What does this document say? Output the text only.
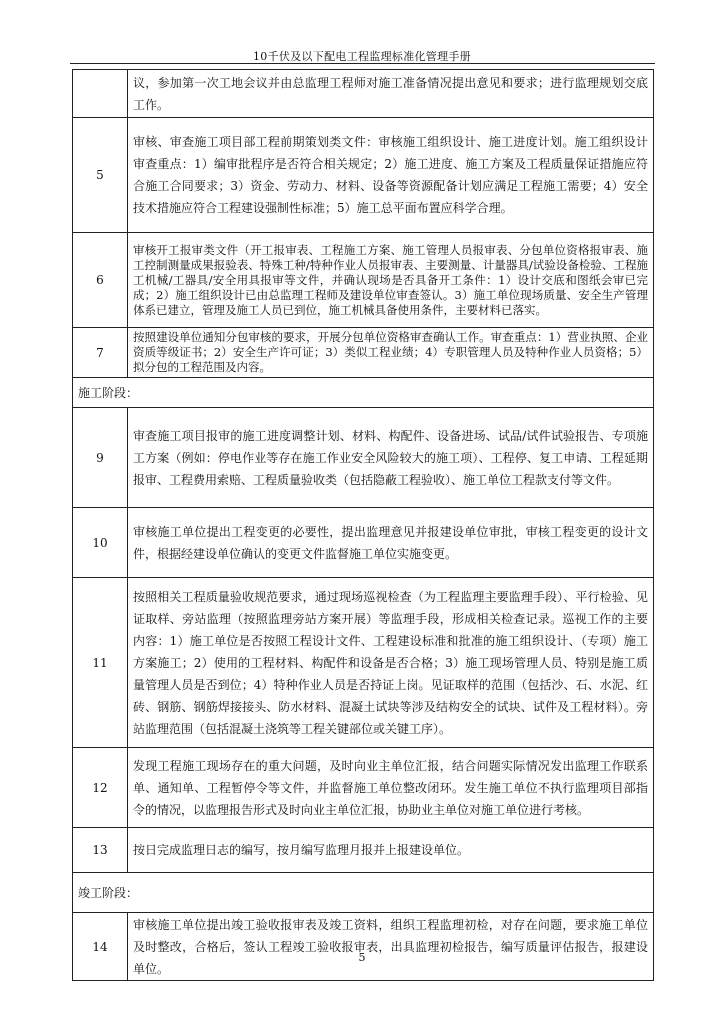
10千伏及以下配电工程监理标准化管理手册
	议，参加第一次工地会议并由总监理工程师对施工准备情况提出意见和要求；进行监理规划交底工作。
5	审核、审查施工项目部工程前期策划类文件：审核施工组织设计、施工进度计划。施工组织设计审查重点：1）编审批程序是否符合相关规定；2）施工进度、施工方案及工程质量保证措施应符合施工合同要求；3）资金、劳动力、材料、设备等资源配备计划应满足工程施工需要；4）安全技术措施应符合工程建设强制性标准；5）施工总平面布置应科学合理。
6	审核开工报审类文件（开工报审表、工程施工方案、施工管理人员报审表、分包单位资格报审表、施工控制测量成果报验表、特殊工种/特种作业人员报审表、主要测量、计量器具/试验设备检验、工程施工机械/工器具/安全用具报审等文件，并确认现场是否具备开工条件：1）设计交底和图纸会审已完成；2）施工组织设计已由总监理工程师及建设单位审查签认。3）施工单位现场质量、安全生产管理体系已建立，管理及施工人员已到位，施工机械具备使用条件，主要材料已落实。
7	按照建设单位通知分包审核的要求，开展分包单位资格审查确认工作。审查重点：1）营业执照、企业资质等级证书；2）安全生产许可证；3）类似工程业绩；4）专职管理人员及特种作业人员资格；5）拟分包的工程范围及内容。
施工阶段：	
9	审查施工项目报审的施工进度调整计划、材料、构配件、设备进场、试品/试件试验报告、专项施工方案（例如：停电作业等存在施工作业安全风险较大的施工项）、工程停、复工申请、工程延期报审、工程费用索赔、工程质量验收类（包括隐蔽工程验收）、施工单位工程款支付等文件。
10	审核施工单位提出工程变更的必要性，提出监理意见并报建设单位审批，审核工程变更的设计文件，根据经建设单位确认的变更文件监督施工单位实施变更。
11	按照相关工程质量验收规范要求，通过现场巡视检查（为工程监理主要监理手段）、平行检验、见证取样、旁站监理（按照监理旁站方案开展）等监理手段，形成相关检查记录。巡视工作的主要内容：1）施工单位是否按照工程设计文件、工程建设标准和批准的施工组织设计、（专项）施工方案施工；2）使用的工程材料、构配件和设备是否合格；3）施工现场管理人员、特别是施工质量管理人员是否到位；4）特种作业人员是否持证上岗。见证取样的范围（包括沙、石、水泥、红砖、钢筋、钢筋焊接接头、防水材料、混凝土试块等涉及结构安全的试块、试件及工程材料）。旁站监理范围（包括混凝土浇筑等工程关键部位或关键工序）。
12	发现工程施工现场存在的重大问题，及时向业主单位汇报，结合问题实际情况发出监理工作联系单、通知单、工程暂停令等文件，并监督施工单位整改闭环。发生施工单位不执行监理项目部指令的情况，以监理报告形式及时向业主单位汇报，协助业主单位对施工单位进行考核。
13	按日完成监理日志的编写，按月编写监理月报并上报建设单位。
竣工阶段：	
14	审核施工单位提出竣工验收报审表及竣工资料，组织工程监理初检，对存在问题，要求施工单位及时整改，合格后，签认工程竣工验收报审表，出具监理初检报告，编写质量评估报告，报建设单位。
5
